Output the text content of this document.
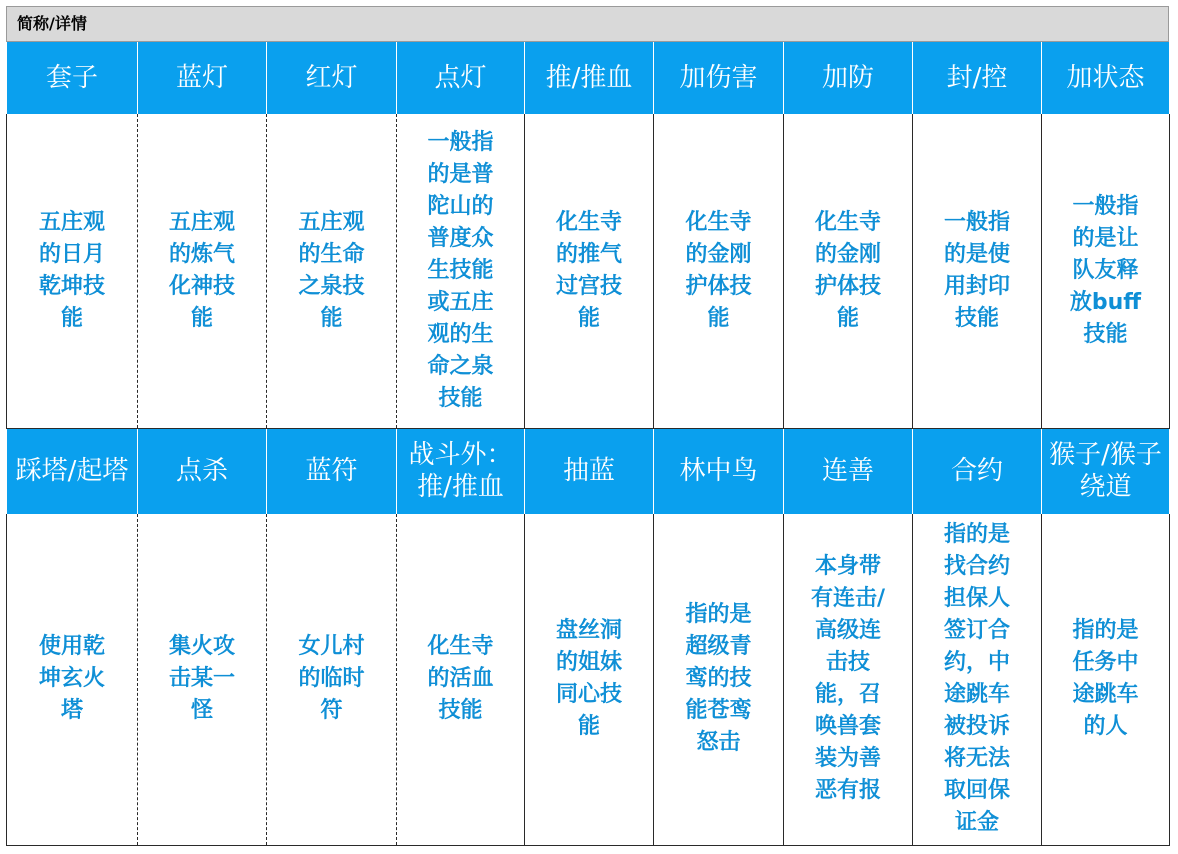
简称/详情
套子	蓝灯	红灯	点灯	推/推血	加伤害	加防	封/控	加状态
五庄观的日月乾坤技能	五庄观的炼气化神技能	五庄观的生命之泉技能	一般指的是普陀山的普度众生技能或五庄观的生命之泉技能	化生寺的推气过宫技能	化生寺的金刚护体技能	化生寺的金刚护体技能	一般指的是使用封印技能	一般指的是让队友释放buff技能
踩塔/起塔	点杀	蓝符	战斗外：推/推血	抽蓝	林中鸟	连善	合约	猴子/猴子绕道
使用乾坤玄火塔	集火攻击某一怪	女儿村的临时符	化生寺的活血技能	盘丝洞的姐妹同心技能	指的是超级青鸾的技能苍鸾怒击	本身带有连击/高级连击技能，召唤兽套装为善恶有报	指的是找合约担保人签订合约，中途跳车被投诉将无法取回保证金	指的是任务中途跳车的人
